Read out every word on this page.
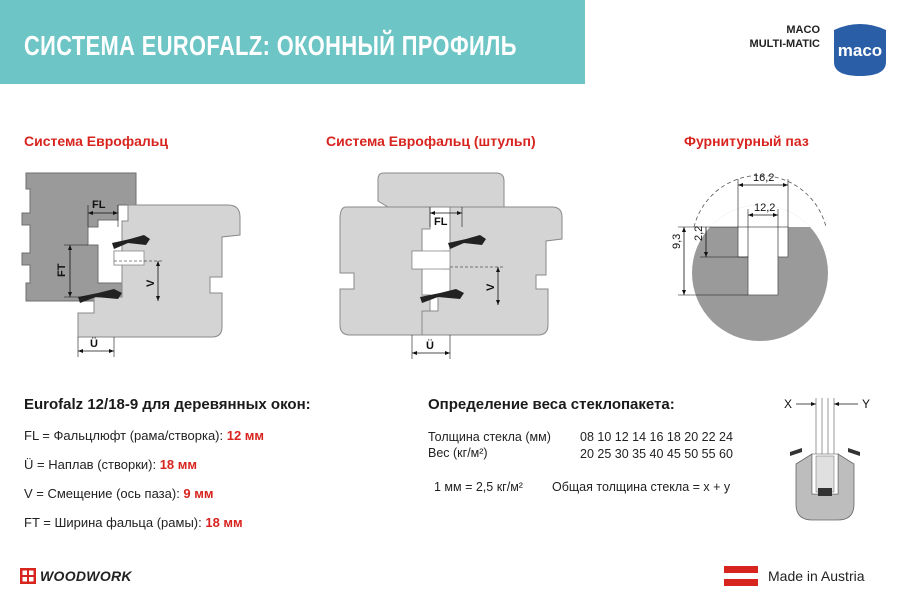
СИСТЕМА EUROFALZ: ОКОННЫЙ ПРОФИЛЬ	MACO
MULTI-MATIC maco
Система Еврофальц	Система Еврофальц (штульп)	Фурнитурный паз
FL
FT
V
Ü
FL
V
Ü
16,2
12,2
9,3
2,2
Eurofalz 12/18-9 для деревянных окон:
FL = Фальцлюфт (рама/створка): 12 мм
Ü = Наплав (створки): 18 мм
V = Смещение (ось паза): 9 мм
FT = Ширина фальца (рамы): 18 мм
Определение веса стеклопакета:
Толщина стекла (мм) 08 10 12 14 16 18 20 22 24
Вес (кг/м²)	20 25 30 35 40 45 50 55 60
1 мм = 2,5 кг/м² Общая толщина стекла = x + y
X	Y
WOODWORK	Made in Austria
